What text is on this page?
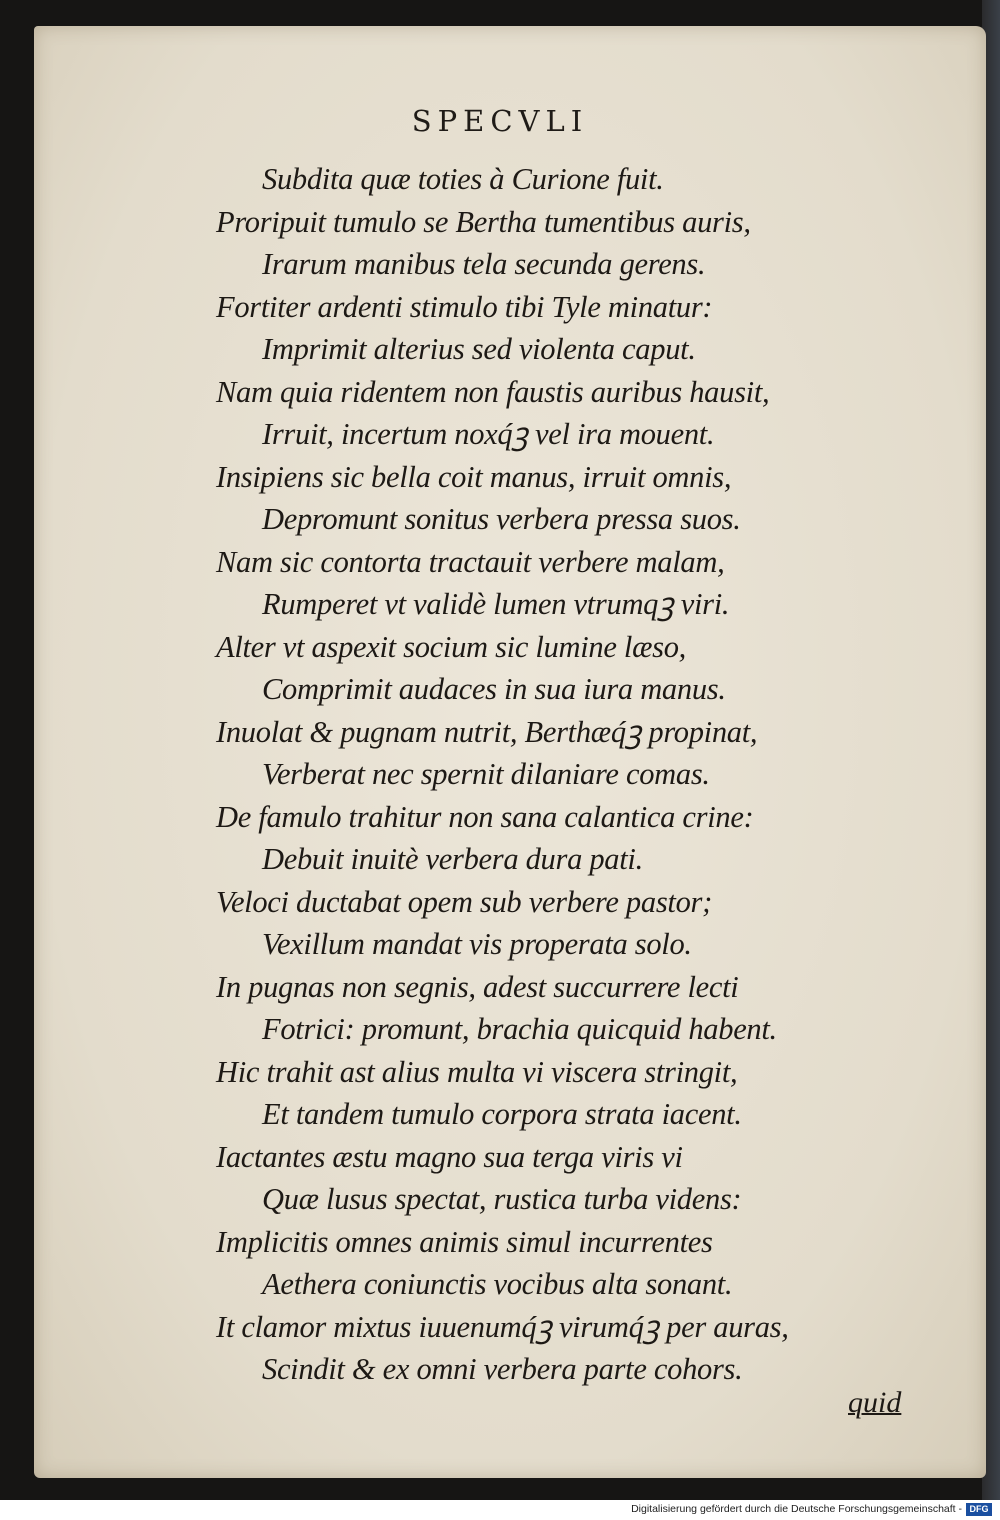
SPECVLI
Subdita quæ toties à Curione fuit.
Proripuit tumulo se Bertha tumentibus auris,
Irarum manibus tela secunda gerens.
Fortiter ardenti stimulo tibi Tyle minatur:
Imprimit alterius sed violenta caput.
Nam quia ridentem non faustis auribus hausit,
Irruit, incertum noxq́ꝫ vel ira mouent.
Insipiens sic bella coit manus, irruit omnis,
Depromunt sonitus verbera pressa suos.
Nam sic contorta tractauit verbere malam,
Rumperet vt validè lumen vtrumqꝫ viri.
Alter vt aspexit socium sic lumine læso,
Comprimit audaces in sua iura manus.
Inuolat & pugnam nutrit, Berthæq́ꝫ propinat,
Verberat nec spernit dilaniare comas.
De famulo trahitur non sana calantica crine:
Debuit inuitè verbera dura pati.
Veloci ductabat opem sub verbere pastor;
Vexillum mandat vis properata solo.
In pugnas non segnis, adest succurrere lecti
Fotrici: promunt, brachia quicquid habent.
Hic trahit ast alius multa vi viscera stringit,
Et tandem tumulo corpora strata iacent.
Iactantes æstu magno sua terga viris vi
Quæ lusus spectat, rustica turba videns:
Implicitis omnes animis simul incurrentes
Aethera coniunctis vocibus alta sonant.
It clamor mixtus iuuenumq́ꝫ virumq́ꝫ per auras,
Scindit & ex omni verbera parte cohors.
quid
Digitalisierung gefördert durch die Deutsche Forschungsgemeinschaft - DFG
